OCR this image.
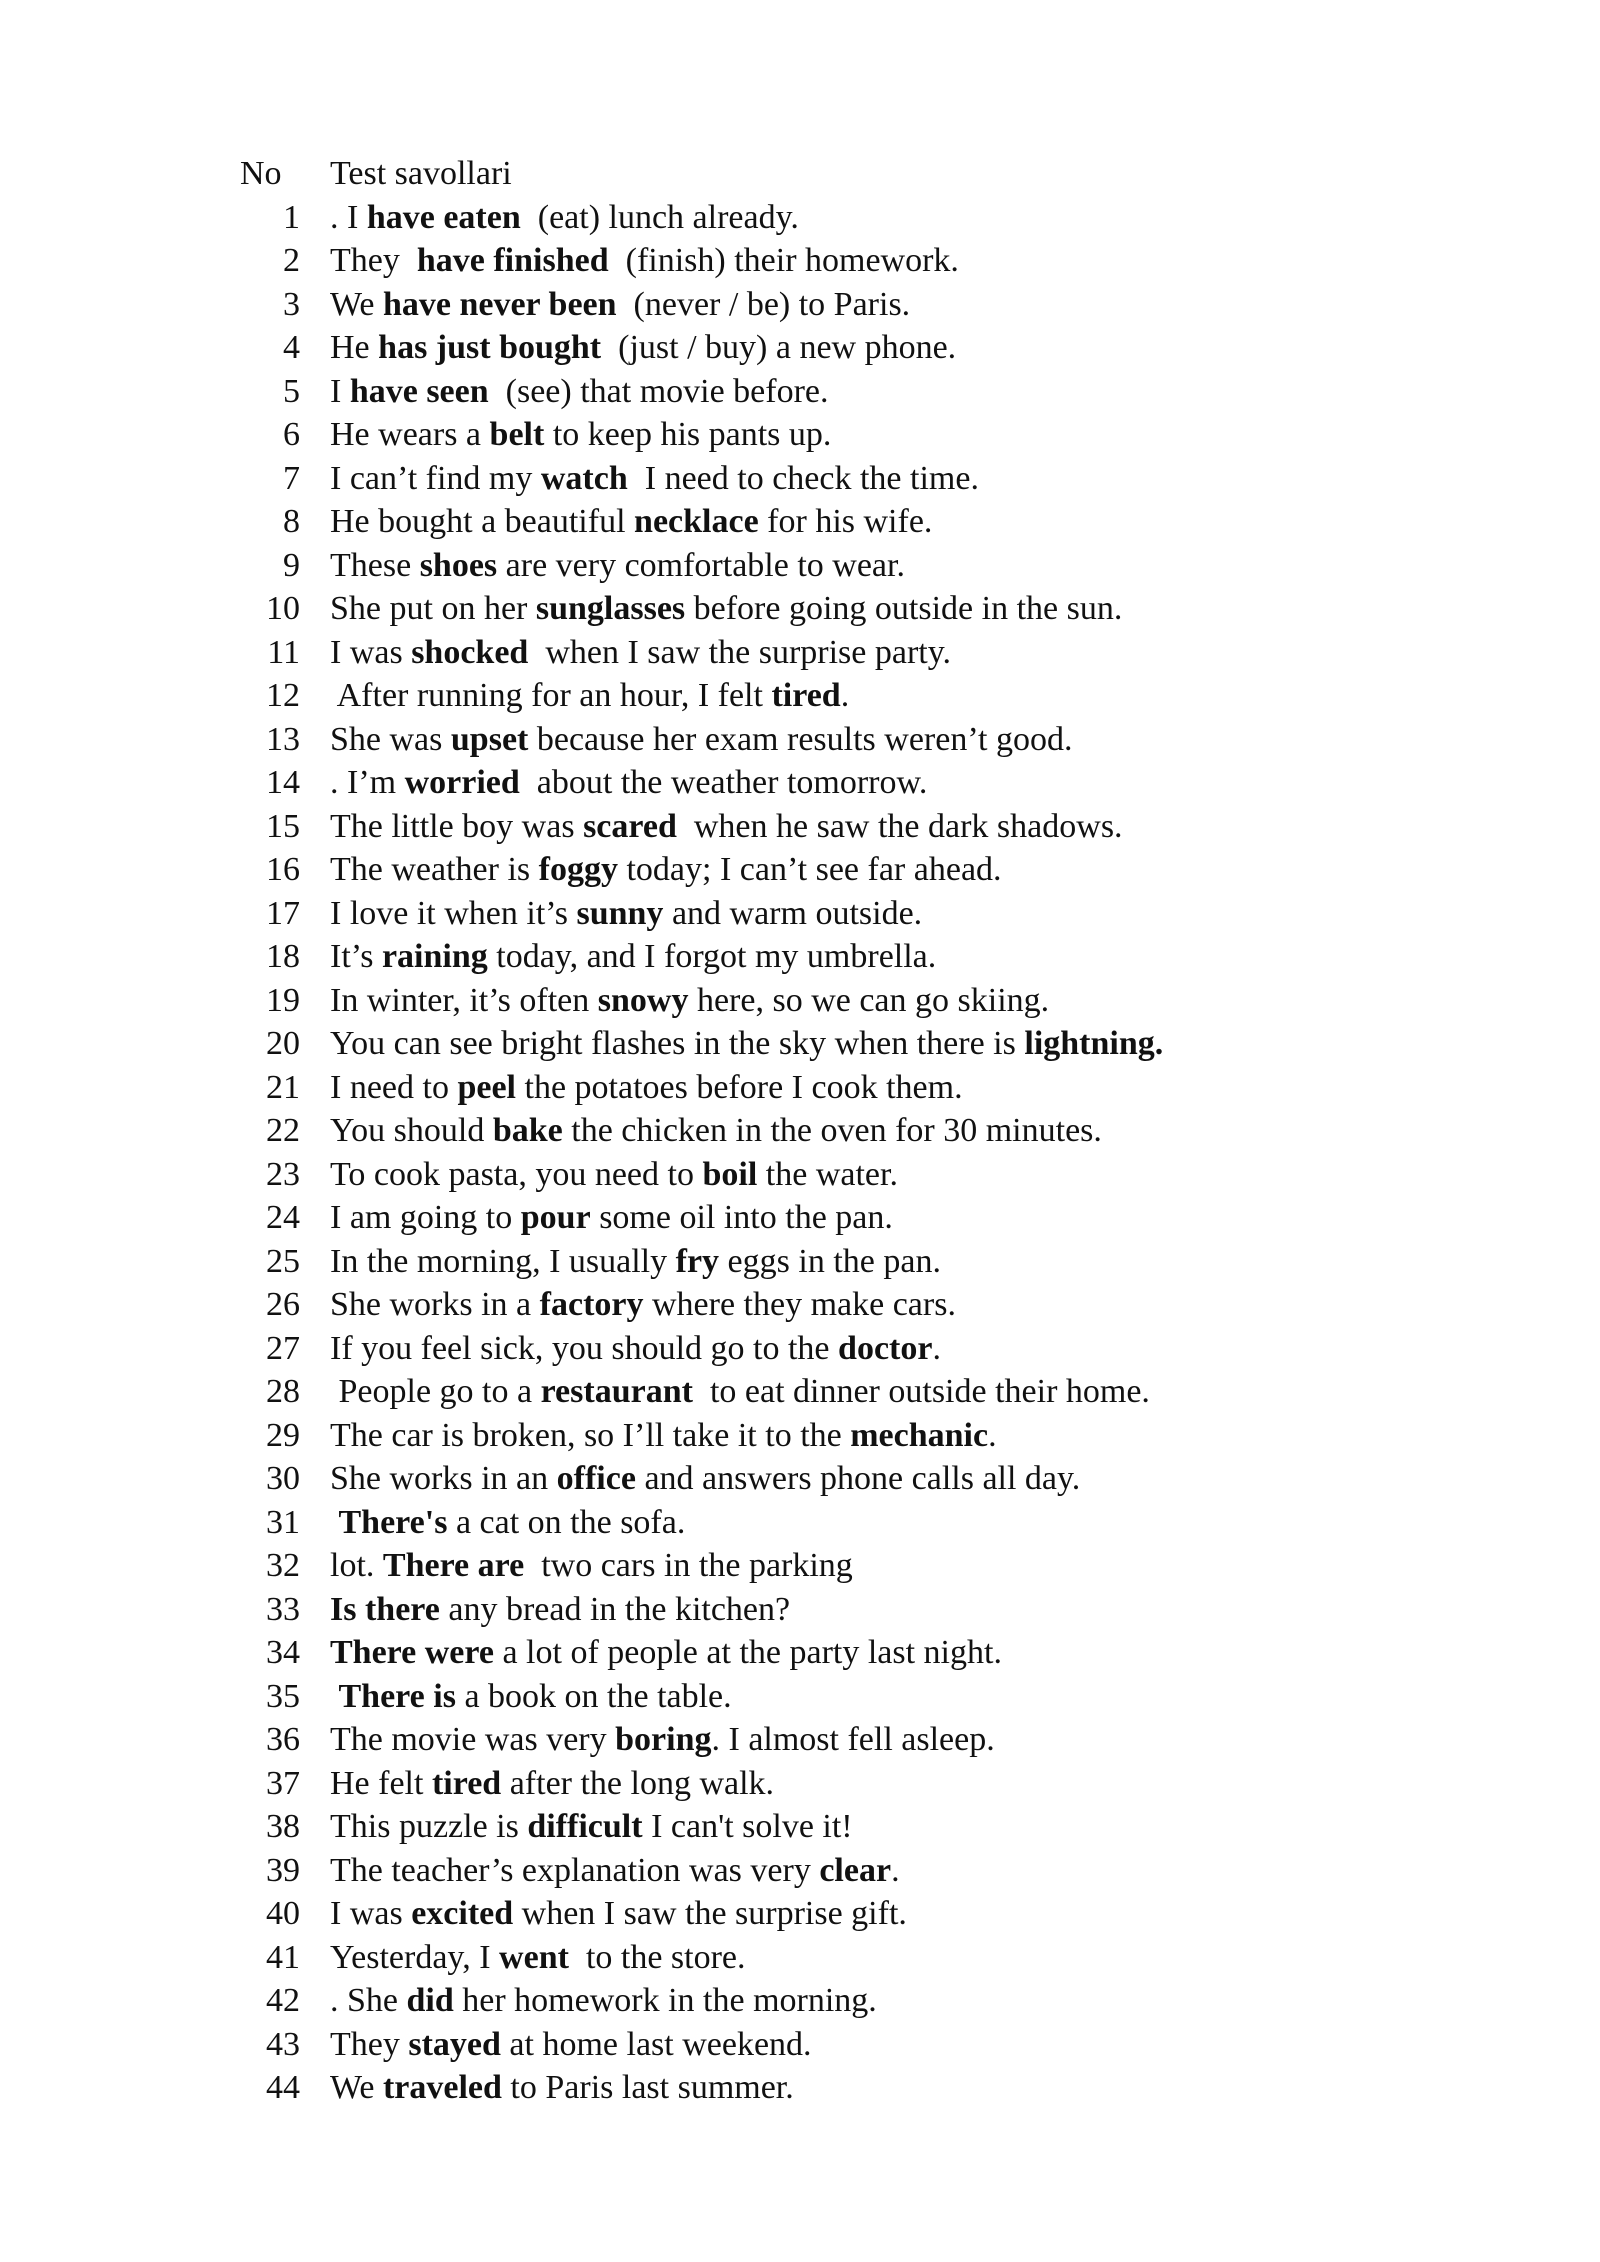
No	Test savollari
1 . I have eaten  (eat) lunch already.
2 They  have finished  (finish) their homework.
3 We have never been  (never / be) to Paris.
4 He has just bought  (just / buy) a new phone.
5 I have seen  (see) that movie before.
6 He wears a belt to keep his pants up.
7 I can’t find my watch  I need to check the time.
8 He bought a beautiful necklace for his wife.
9 These shoes are very comfortable to wear.
10 She put on her sunglasses before going outside in the sun.
11 I was shocked  when I saw the surprise party.
12 After running for an hour, I felt tired.
13 She was upset because her exam results weren’t good.
14 . I’m worried  about the weather tomorrow.
15 The little boy was scared  when he saw the dark shadows.
16 The weather is foggy today; I can’t see far ahead.
17 I love it when it’s sunny and warm outside.
18 It’s raining today, and I forgot my umbrella.
19 In winter, it’s often snowy here, so we can go skiing.
20 You can see bright flashes in the sky when there is lightning.
21 I need to peel the potatoes before I cook them.
22 You should bake the chicken in the oven for 30 minutes.
23 To cook pasta, you need to boil the water.
24 I am going to pour some oil into the pan.
25 In the morning, I usually fry eggs in the pan.
26 She works in a factory where they make cars.
27 If you feel sick, you should go to the doctor.
28 People go to a restaurant  to eat dinner outside their home.
29 The car is broken, so I’ll take it to the mechanic.
30 She works in an office and answers phone calls all day.
31 There's a cat on the sofa.
32 lot. There are  two cars in the parking
33 Is there any bread in the kitchen?
34 There were a lot of people at the party last night.
35 There is a book on the table.
36 The movie was very boring. I almost fell asleep.
37 He felt tired after the long walk.
38 This puzzle is difficult I can't solve it!
39 The teacher’s explanation was very clear.
40 I was excited when I saw the surprise gift.
41 Yesterday, I went  to the store.
42 . She did her homework in the morning.
43 They stayed at home last weekend.
44 We traveled to Paris last summer.
